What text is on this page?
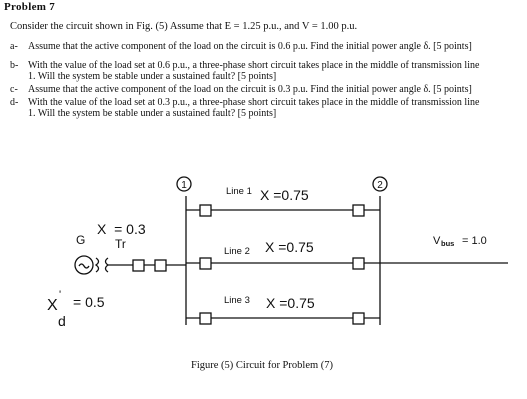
Problem 7
Consider the circuit shown in Fig. (5) Assume that E = 1.25 p.u., and V = 1.00 p.u.
a- Assume that the active component of the load on the circuit is 0.6 p.u. Find the initial power angle δ. [5 points]
b- With the value of the load set at 0.6 p.u., a three-phase short circuit takes place in the middle of transmission line
1. Will the system be stable under a sustained fault? [5 points]
c- Assume that the active component of the load on the circuit is 0.3 p.u. Find the initial power angle δ. [5 points]
d- With the value of the load set at 0.3 p.u., a three-phase short circuit takes place in the middle of transmission line
1. Will the system be stable under a sustained fault? [5 points]
1	2
Line 1 X =0.75
Line 2 X =0.75
Line 3 X =0.75
G
X  = 0.3
Tr
X
'
d
= 0.5
V bus = 1.0
Figure (5) Circuit for Problem (7)
